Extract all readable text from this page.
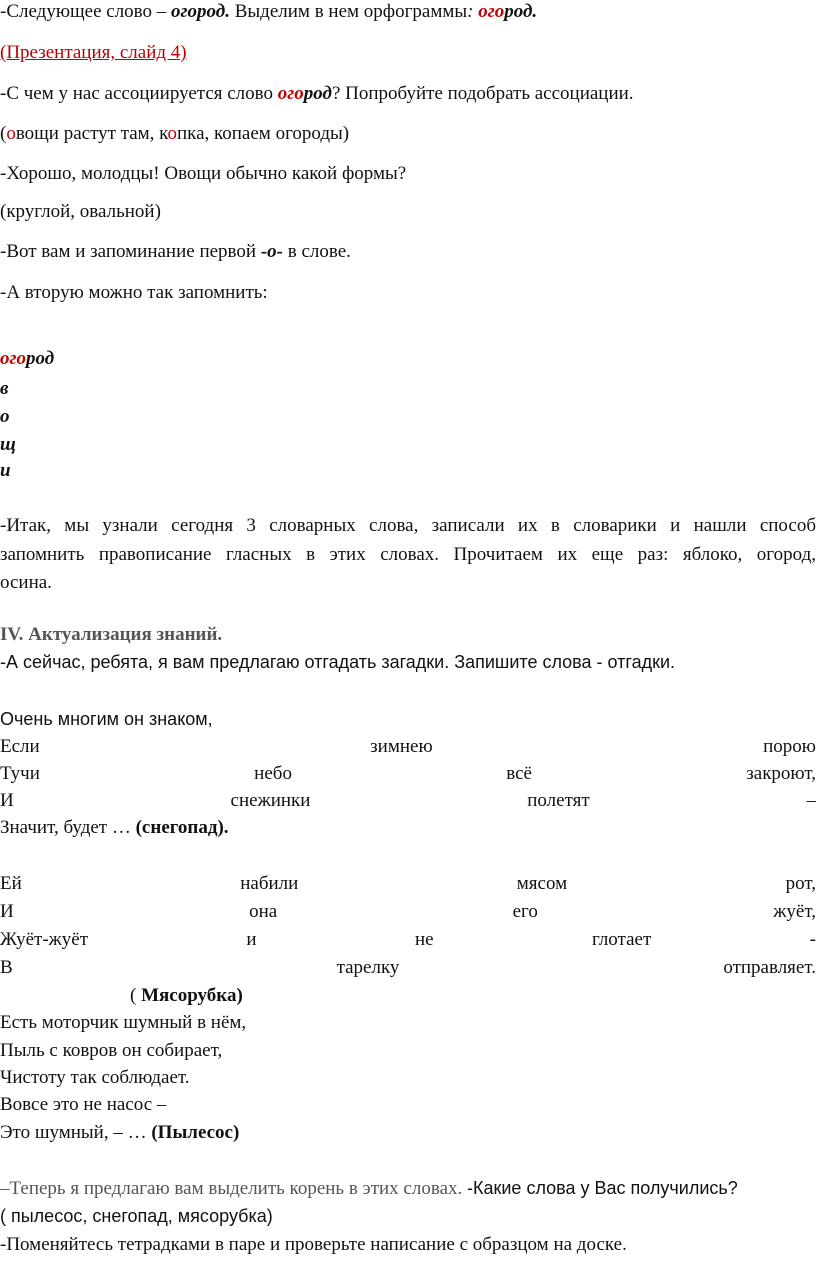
-Следующее слово – огород. Выделим в нем орфограммы: огород.
(Презентация, слайд 4)
-С чем у нас ассоциируется слово огород? Попробуйте подобрать ассоциации.
(овощи растут там, копка, копаем огороды)
-Хорошо, молодцы! Овощи обычно какой формы?
(круглой, овальной)
-Вот вам и запоминание первой -о- в слове.
-А вторую можно так запомнить:
огород
в
о
щ
и
-Итак, мы узнали сегодня 3 словарных слова, записали их в словарики и нашли способ
запомнить правописание гласных в этих словах. Прочитаем их еще раз: яблоко, огород,
осина.
IV. Актуализация знаний.
-А сейчас, ребята, я вам предлагаю отгадать загадки. Запишите слова - отгадки.
Очень многим он знаком,
Если	зимнею	порою
Тучи	небо	всё	закроют,
И	снежинки	полетят	–
Значит, будет … (снегопад).
Ей	набили	мясом	рот,
И	она	его	жуёт,
Жуёт-жуёт	и	не	глотает	-
В	тарелку	отправляет.
( Мясорубка)
Есть моторчик шумный в нём,
Пыль с ковров он собирает,
Чистоту так соблюдает.
Вовсе это не насос –
Это шумный, – … (Пылесос)
–Теперь я предлагаю вам выделить корень в этих словах. -Какие слова у Вас получились?
( пылесос, снегопад, мясорубка)
-Поменяйтесь тетрадками в паре и проверьте написание с образцом на доске.
